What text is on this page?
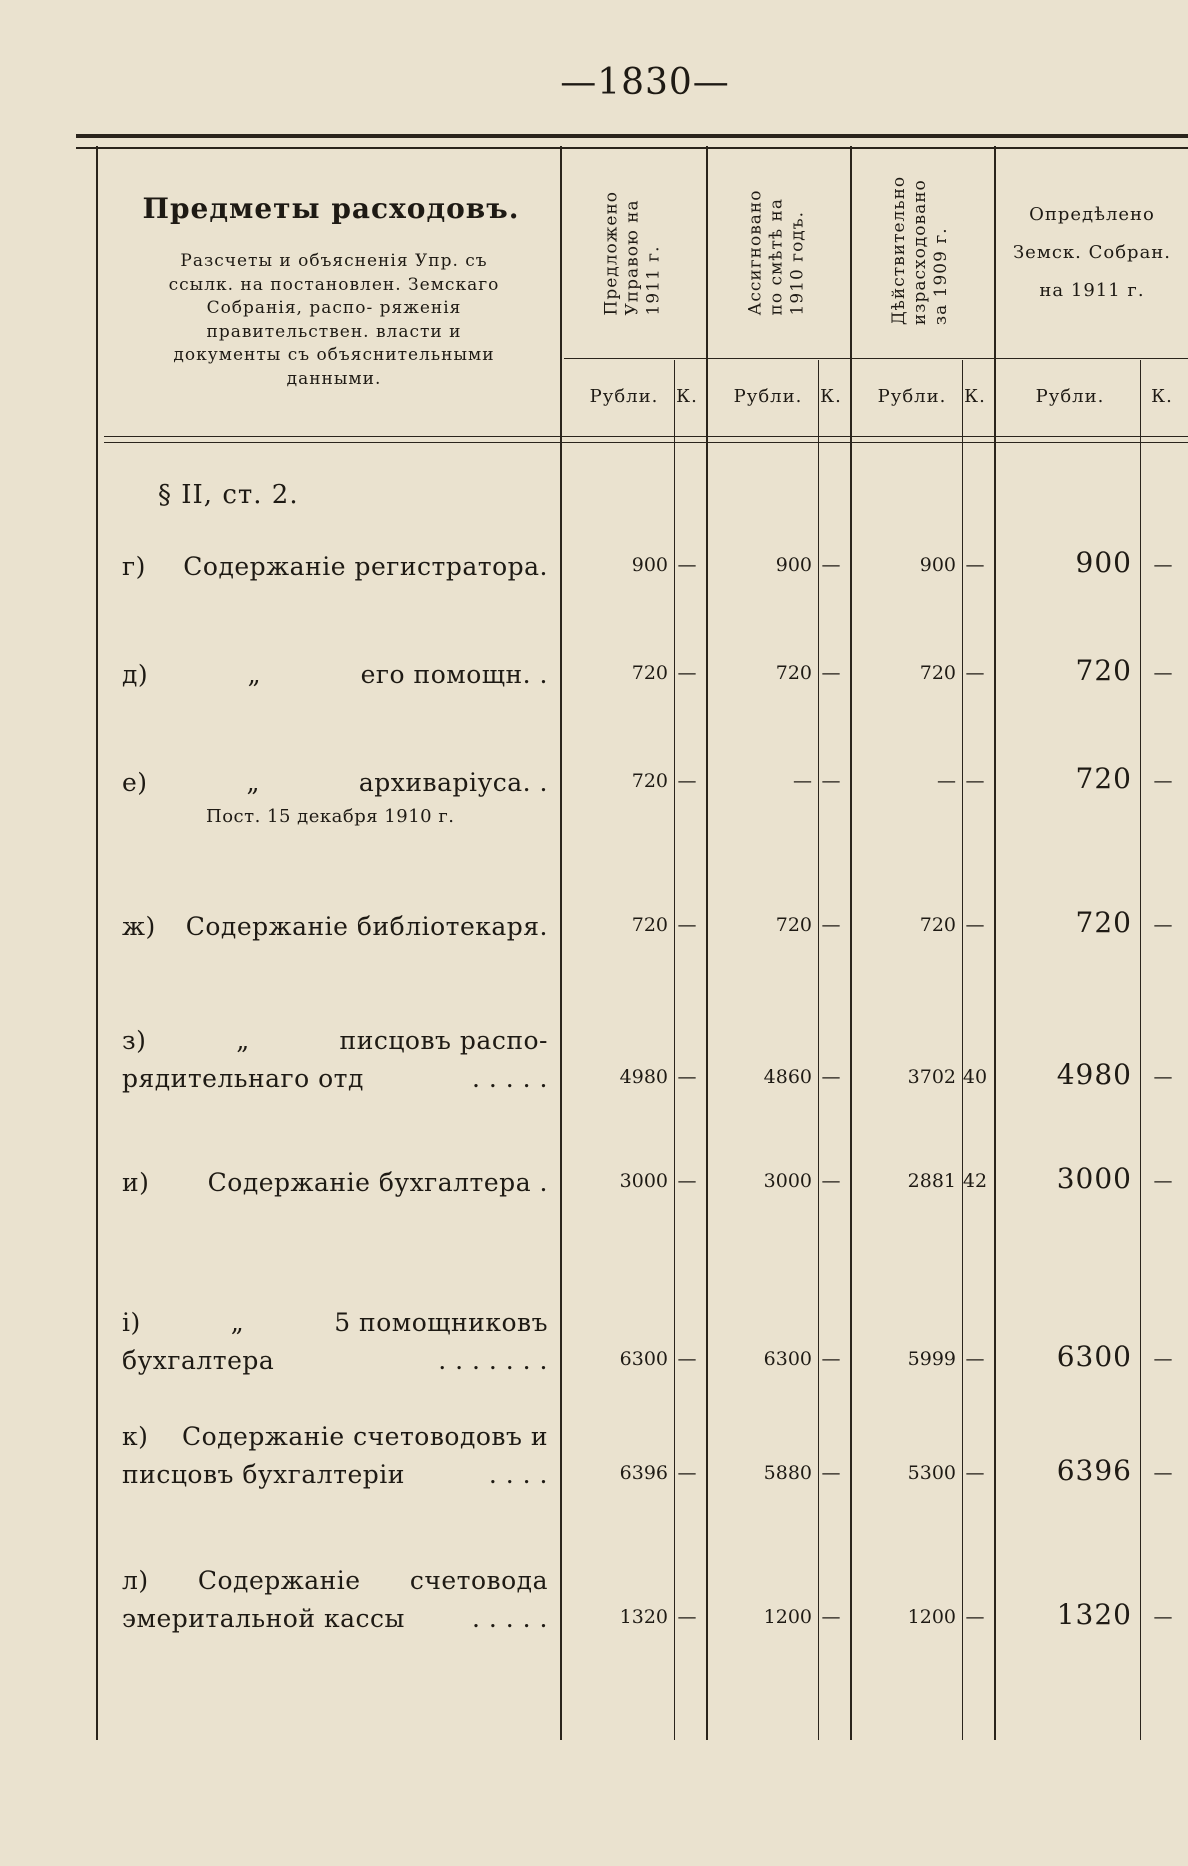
—1830—
Предметы расходовъ.
Разсчеты и объясненія Упр. съ ссылк. на постановлен. Земскаго Собранія, распо- ряженія правительствен. власти и документы съ объяснительными данными.
Предложено
Управою на
1911 г.	Ассигновано
по смѣтѣ на
1910 годъ.	Дѣйствительно
израсходовано
за 1909 г.
Опредѣлено
Земск. Собран.
на 1911 г.
Рубли. К.	Рубли. К.	Рубли. К.	Рубли.	К.
§ II, ст. 2.
г) Содержаніе регистратора.	900 —	900 —	900 —	900	—
д)	„	его помощн. .	720 —	720 —	720 —	720	—
е)	„	архиваріуса. .
Пост. 15 декабря 1910 г.
720 —	— —	— —	720	—
ж) Содержаніе библіотекаря.	720 —	720 —	720 —	720	—
з)	„	писцовъ распо-
рядительнаго отд	. . . . .	4980 —	4860 —	3702 40	4980	—
и) Содержаніе бухгалтера .	3000 —	3000 —	2881 42	3000	—
і)	„	5 помощниковъ
бухгалтера	. . . . . . .	6300 —	6300 —	5999 —	6300	—
к) Содержаніе счетоводовъ и
писцовъ бухгалтеріи	. . . .	6396 —	5880 —	5300 —	6396	—
л) Содержаніе счетовода
эмеритальной кассы	. . . . .	1320 —	1200 —	1200 —	1320	—
